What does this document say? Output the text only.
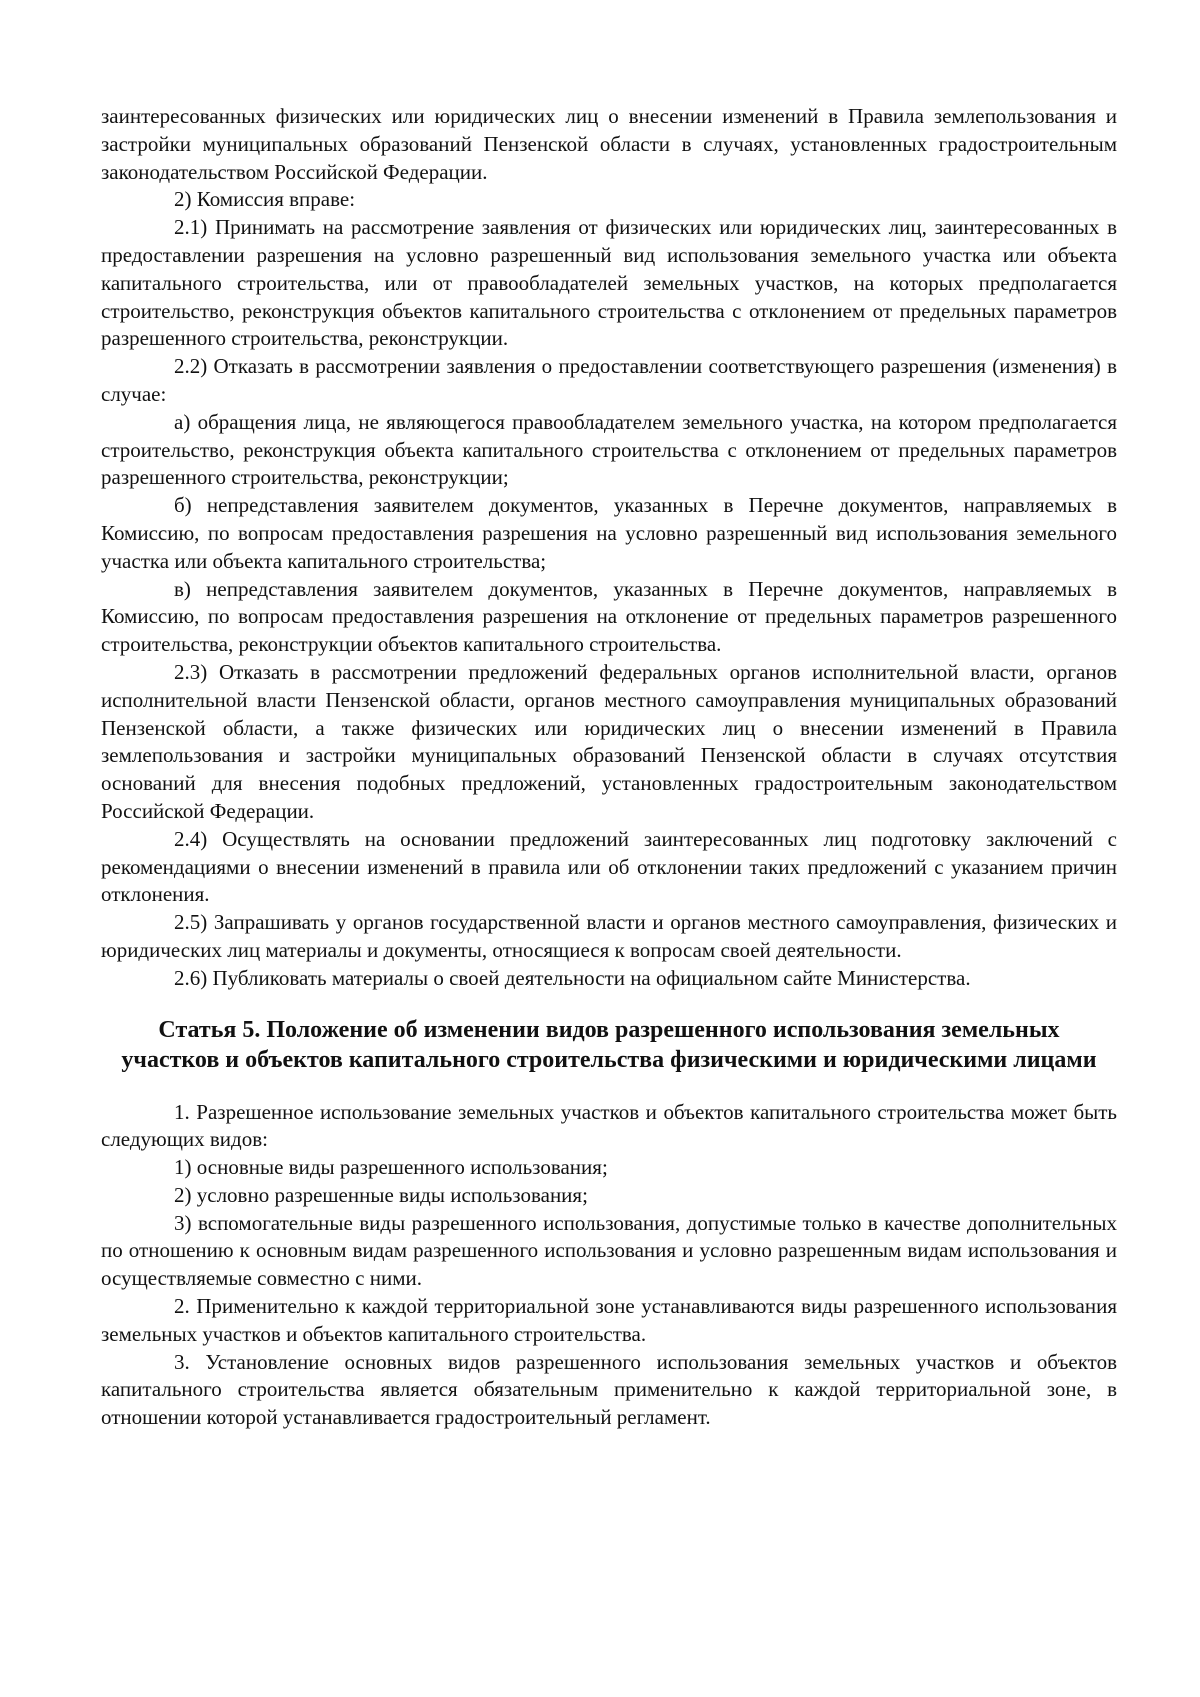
заинтересованных физических или юридических лиц о внесении изменений в Правила землепользования и застройки муниципальных образований Пензенской области в случаях, установленных градостроительным законодательством Российской Федерации.

2) Комиссия вправе:

2.1) Принимать на рассмотрение заявления от физических или юридических лиц, заинтересованных в предоставлении разрешения на условно разрешенный вид использования земельного участка или объекта капитального строительства, или от правообладателей земельных участков, на которых предполагается строительство, реконструкция объектов капитального строительства с отклонением от предельных параметров разрешенного строительства, реконструкции.

2.2) Отказать в рассмотрении заявления о предоставлении соответствующего разрешения (изменения) в случае:

а) обращения лица, не являющегося правообладателем земельного участка, на котором предполагается строительство, реконструкция объекта капитального строительства с отклонением от предельных параметров разрешенного строительства, реконструкции;

б) непредставления заявителем документов, указанных в Перечне документов, направляемых в Комиссию, по вопросам предоставления разрешения на условно разрешенный вид использования земельного участка или объекта капитального строительства;

в) непредставления заявителем документов, указанных в Перечне документов, направляемых в Комиссию, по вопросам предоставления разрешения на отклонение от предельных параметров разрешенного строительства, реконструкции объектов капитального строительства.

2.3) Отказать в рассмотрении предложений федеральных органов исполнительной власти, органов исполнительной власти Пензенской области, органов местного самоуправления муниципальных образований Пензенской области, а также физических или юридических лиц о внесении изменений в Правила землепользования и застройки муниципальных образований Пензенской области в случаях отсутствия оснований для внесения подобных предложений, установленных градостроительным законодательством Российской Федерации.

2.4) Осуществлять на основании предложений заинтересованных лиц подготовку заключений с рекомендациями о внесении изменений в правила или об отклонении таких предложений с указанием причин отклонения.

2.5) Запрашивать у органов государственной власти и органов местного самоуправления, физических и юридических лиц материалы и документы, относящиеся к вопросам своей деятельности.

2.6) Публиковать материалы о своей деятельности на официальном сайте Министерства.

Статья 5. Положение об изменении видов разрешенного использования земельных участков и объектов капитального строительства физическими и юридическими лицами

1. Разрешенное использование земельных участков и объектов капитального строительства может быть следующих видов:

1) основные виды разрешенного использования;

2) условно разрешенные виды использования;

3) вспомогательные виды разрешенного использования, допустимые только в качестве дополнительных по отношению к основным видам разрешенного использования и условно разрешенным видам использования и осуществляемые совместно с ними.

2. Применительно к каждой территориальной зоне устанавливаются виды разрешенного использования земельных участков и объектов капитального строительства.

3. Установление основных видов разрешенного использования земельных участков и объектов капитального строительства является обязательным применительно к каждой территориальной зоне, в отношении которой устанавливается градостроительный регламент.
